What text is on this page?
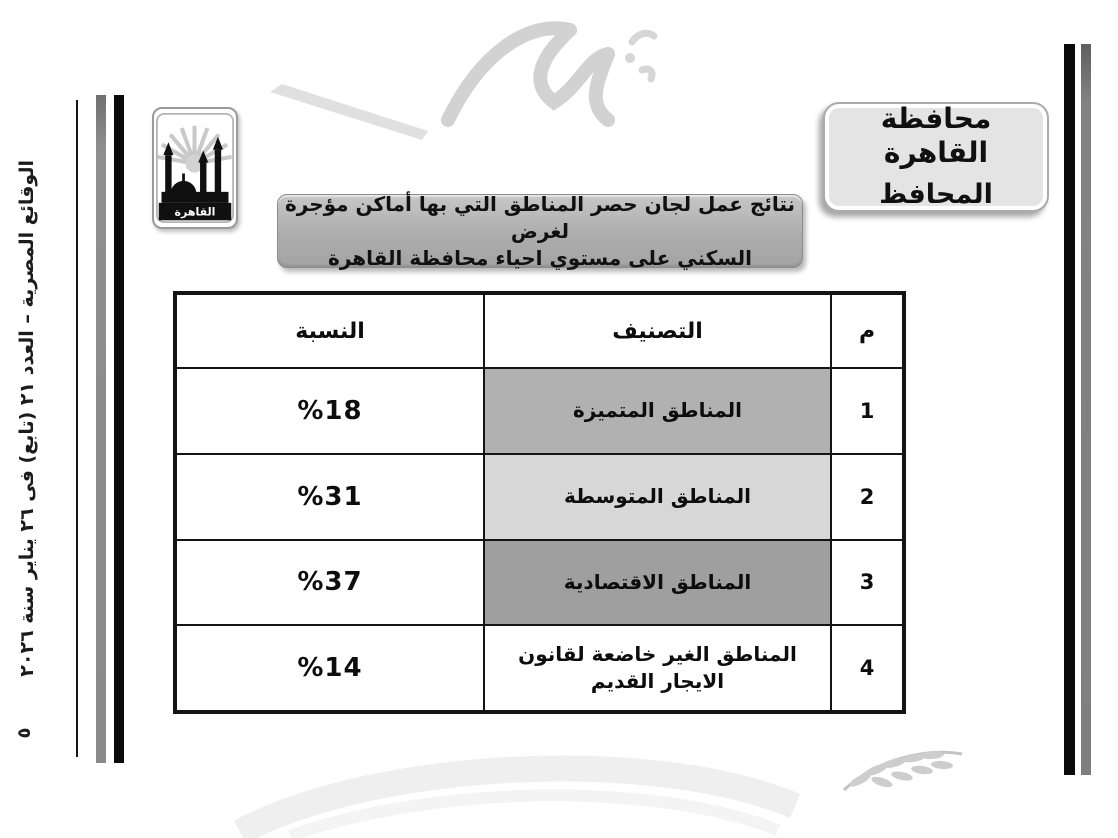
الوقائع المصرية – العدد ٢١ (تابع) فى ٢٦ يناير سنة ٢٠٢٦
٥
محافظة القاهرة
المحافظ
القاهرة	نتائج عمل لجان حصر المناطق التي بها أماكن مؤجرة لغرض
السكني على مستوي احياء محافظة القاهرة
م
التصنيف
النسبة
1
المناطق المتميزة
%18
2
المناطق المتوسطة
%31
3
المناطق الاقتصادية
%37
4
المناطق الغير خاضعة لقانون الايجار القديم
%14
